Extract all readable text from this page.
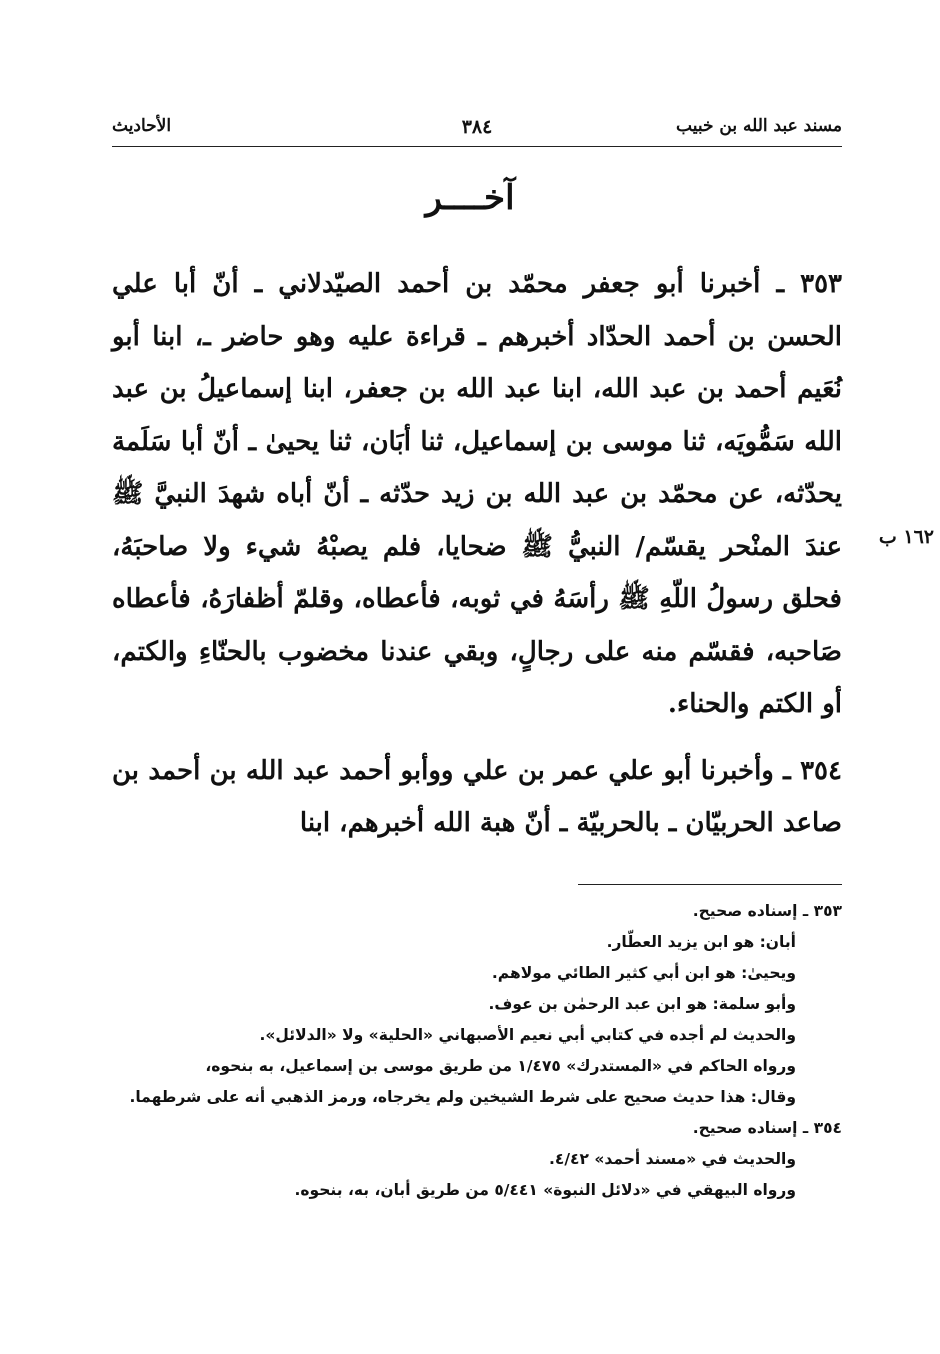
مسند عبد الله بن خبيب
٣٨٤
الأحاديث
آخــــر

٣٥٣ ـ أخبرنا أبو جعفر محمّد بن أحمد الصيّدلاني ـ أنّ أبا علي الحسن بن أحمد الحدّاد أخبرهم ـ قراءة عليه وهو حاضر ـ، ابنا أبو نُعَيم أحمد بن عبد الله، ابنا عبد الله بن جعفر، ابنا إسماعيلُ بن عبد الله سَمُّويَه، ثنا موسى بن إسماعيل، ثنا أبَان، ثنا يحيىٰ ـ أنّ أبا سَلَمة يحدّثه، عن محمّد بن عبد الله بن زيد حدّثه ـ أنّ أباه شهدَ النبيَّ ﷺ عندَ المنْحر يقسّم/ النبيُّ ﷺ ضحايا، فلم يصبْهُ شيء ولا صاحبَهُ، فحلق رسولُ اللّهِ ﷺ رأسَهُ في ثوبه، فأعطاه، وقلمّ أظفارَهُ، فأعطاه صَاحبه، فقسّم منه على رجالٍ، وبقي عندنا مخضوب بالحنّاءِ والكتم، أو الكتم والحناء.

٣٥٤ ـ وأخبرنا أبو علي عمر بن علي ووأبو أحمد عبد الله بن أحمد بن صاعد الحربيّان ـ بالحربيّة ـ أنّ هبة الله أخبرهم، ابنا

١٦٢ ب
٣٥٣ ـ إسناده صحيح.
أبان: هو ابن يزيد العطّار.
ويحيىٰ: هو ابن أبي كثير الطائي مولاهم.
وأبو سلمة: هو ابن عبد الرحمٰن بن عوف.
والحديث لم أجده في كتابي أبي نعيم الأصبهاني «الحلية» ولا «الدلائل».
ورواه الحاكم في «المستدرك» ١/٤٧٥ من طريق موسى بن إسماعيل، به بنحوه،
وقال: هذا حديث صحيح على شرط الشيخين ولم يخرجاه، ورمز الذهبي أنه على شرطهما.
٣٥٤ ـ إسناده صحيح.
والحديث في «مسند أحمد» ٤/٤٢.
ورواه البيهقي في «دلائل النبوة» ٥/٤٤١ من طريق أبان، به، بنحوه.
